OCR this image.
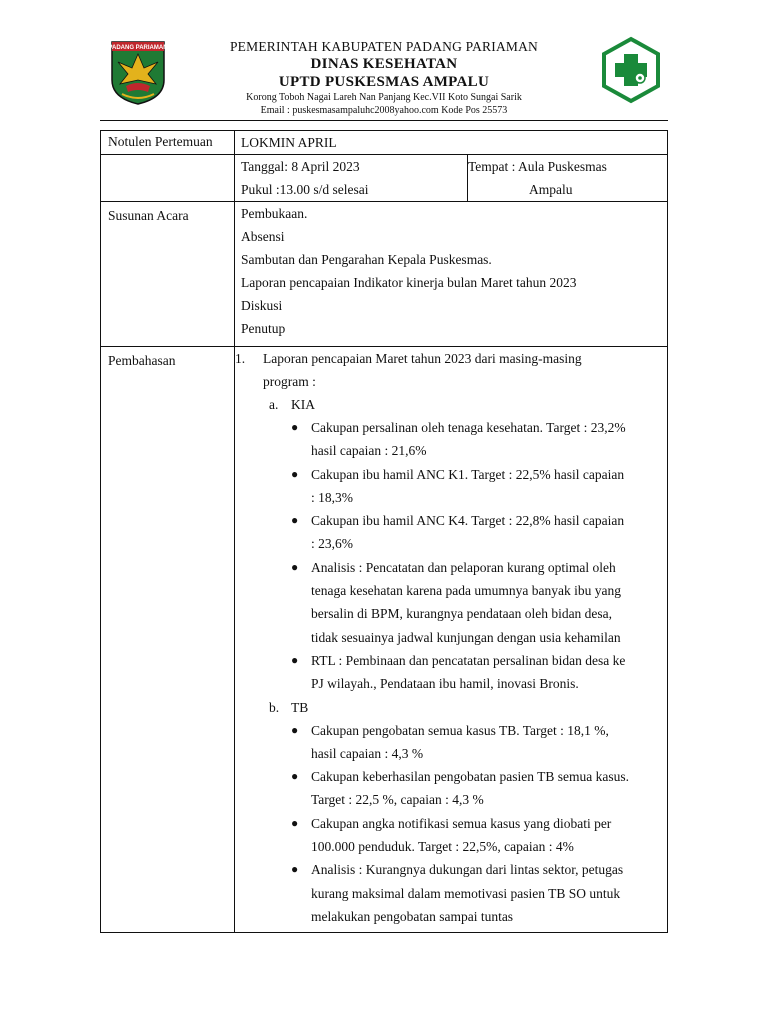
PADANG PARIAMAN	PEMERINTAH KABUPATEN PADANG PARIAMAN
DINAS KESEHATAN
UPTD PUSKESMAS AMPALU
Korong Toboh Nagai Lareh Nan Panjang Kec.VII Koto Sungai Sarik
Email : puskesmasampaluhc2008yahoo.com Kode Pos 25573
Notulen Pertemuan	LOKMIN APRIL

Tanggal: 8 April 2023
Pukul :13.00 s/d selesai

Tempat : Aula Puskesmas
Ampalu

Susunan Acara	Pembukaan.
Absensi
Sambutan dan Pengarahan Kepala Puskesmas.
Laporan pencapaian Indikator kinerja bulan Maret tahun 2023
Diskusi
Penutup

Pembahasan	1. Laporan pencapaian Maret tahun 2023 dari masing-masing
program :
a. KIA
● Cakupan persalinan oleh tenaga kesehatan. Target : 23,2%
hasil capaian : 21,6%
● Cakupan ibu hamil ANC K1. Target : 22,5% hasil capaian
: 18,3%
● Cakupan ibu hamil ANC K4. Target : 22,8% hasil capaian
: 23,6%
● Analisis : Pencatatan dan pelaporan kurang optimal oleh
tenaga kesehatan karena pada umumnya banyak ibu yang
bersalin di BPM, kurangnya pendataan oleh bidan desa,
tidak sesuainya jadwal kunjungan dengan usia kehamilan
● RTL : Pembinaan dan pencatatan persalinan bidan desa ke
PJ wilayah., Pendataan ibu hamil, inovasi Bronis.
b. TB
● Cakupan pengobatan semua kasus TB. Target : 18,1 %,
hasil capaian : 4,3 %
● Cakupan keberhasilan pengobatan pasien TB semua kasus.
Target : 22,5 %, capaian : 4,3 %
● Cakupan angka notifikasi semua kasus yang diobati per
100.000 penduduk. Target : 22,5%, capaian : 4%
● Analisis : Kurangnya dukungan dari lintas sektor, petugas
kurang maksimal dalam memotivasi pasien TB SO untuk
melakukan pengobatan sampai tuntas
